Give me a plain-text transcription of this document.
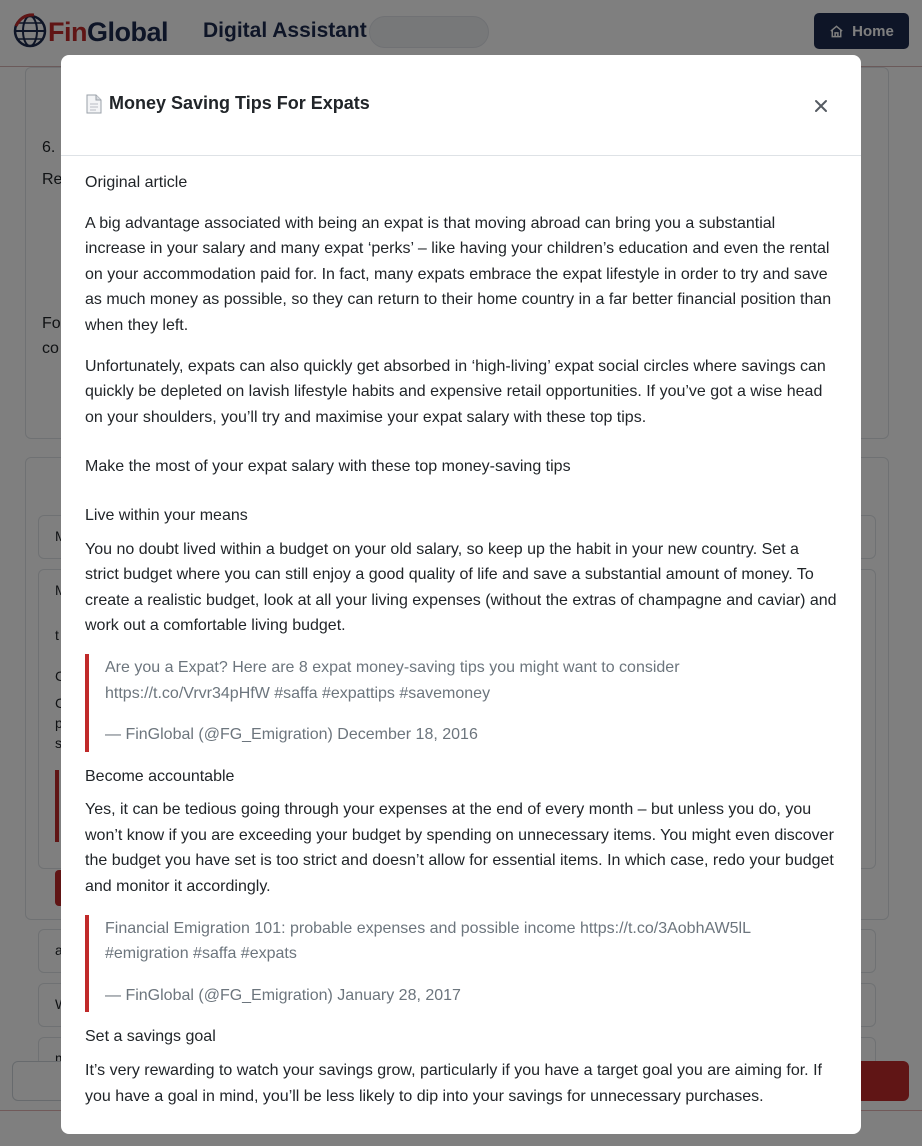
Money Saving Tips For Expats

Original article

A big advantage associated with being an expat is that moving abroad can bring you a substantial increase in your salary and many expat ‘perks’ – like having your children’s education and even the rental on your accommodation paid for. In fact, many expats embrace the expat lifestyle in order to try and save as much money as possible, so they can return to their home country in a far better financial position than when they left.

Unfortunately, expats can also quickly get absorbed in ‘high-living’ expat social circles where savings can quickly be depleted on lavish lifestyle habits and expensive retail opportunities. If you’ve got a wise head on your shoulders, you’ll try and maximise your expat salary with these top tips.

Make the most of your expat salary with these top money-saving tips

Live within your means

You no doubt lived within a budget on your old salary, so keep up the habit in your new country. Set a strict budget where you can still enjoy a good quality of life and save a substantial amount of money. To create a realistic budget, look at all your living expenses (without the extras of champagne and caviar) and work out a comfortable living budget.

Are you a Expat? Here are 8 expat money-saving tips you might want to consider https://t.co/Vrvr34pHfW #saffa #expattips #savemoney

— FinGlobal (@FG_Emigration) December 18, 2016

Become accountable

Yes, it can be tedious going through your expenses at the end of every month – but unless you do, you won’t know if you are exceeding your budget by spending on unnecessary items. You might even discover the budget you have set is too strict and doesn’t allow for essential items. In which case, redo your budget and monitor it accordingly.

Financial Emigration 101: probable expenses and possible income https://t.co/3AobhAW5lL #emigration #saffa #expats

— FinGlobal (@FG_Emigration) January 28, 2017

Set a savings goal

It’s very rewarding to watch your savings grow, particularly if you have a target goal you are aiming for. If you have a goal in mind, you’ll be less likely to dip into your savings for unnecessary purchases.
